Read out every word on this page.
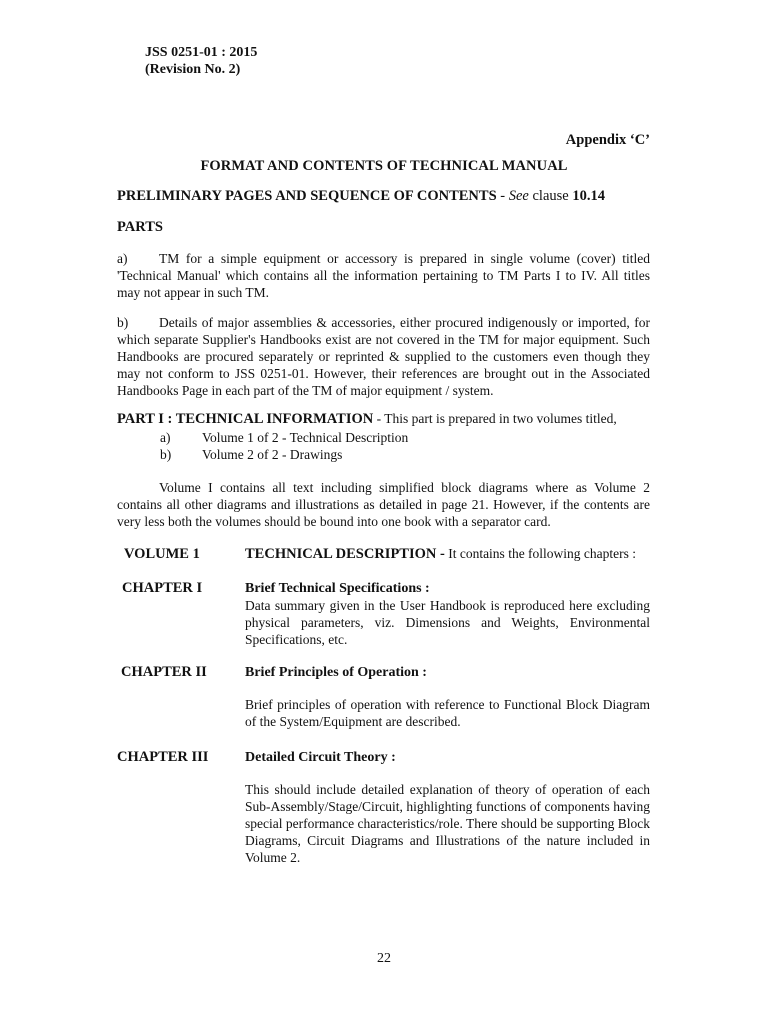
JSS 0251-01 : 2015
(Revision No. 2)
Appendix ‘C’
FORMAT AND CONTENTS OF TECHNICAL MANUAL
PRELIMINARY PAGES AND SEQUENCE OF CONTENTS - See clause 10.14
PARTS
a) TM for a simple equipment or accessory is prepared in single volume (cover) titled 'Technical Manual' which contains all the information pertaining to TM Parts I to IV. All titles may not appear in such TM.
b) Details of major assemblies & accessories, either procured indigenously or imported, for which separate Supplier's Handbooks exist are not covered in the TM for major equipment. Such Handbooks are procured separately or reprinted & supplied to the customers even though they may not conform to JSS 0251-01. However, their references are brought out in the Associated Handbooks Page in each part of the TM of major equipment / system.
PART I : TECHNICAL INFORMATION - This part is prepared in two volumes titled,
a) Volume 1 of 2 - Technical Description
b) Volume 2 of 2 - Drawings
Volume I contains all text including simplified block diagrams where as Volume 2 contains all other diagrams and illustrations as detailed in page 21. However, if the contents are very less both the volumes should be bound into one book with a separator card.
VOLUME 1	TECHNICAL DESCRIPTION - It contains the following chapters :
CHAPTER I	Brief Technical Specifications :
Data summary given in the User Handbook is reproduced here excluding physical parameters, viz. Dimensions and Weights, Environmental Specifications, etc.
CHAPTER II	Brief Principles of Operation :
Brief principles of operation with reference to Functional Block Diagram of the System/Equipment are described.
CHAPTER III	Detailed Circuit Theory :
This should include detailed explanation of theory of operation of each Sub-Assembly/Stage/Circuit, highlighting functions of components having special performance characteristics/role. There should be supporting Block Diagrams, Circuit Diagrams and Illustrations of the nature included in Volume 2.
22
